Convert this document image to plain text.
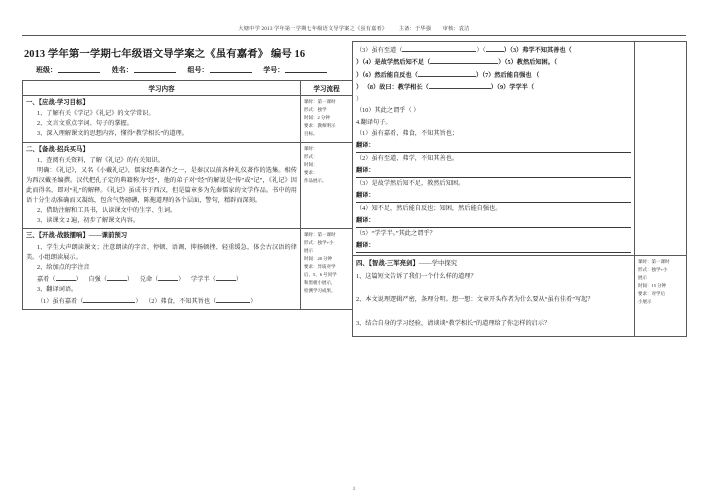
大塘中学 2013 学年第一学期七年级语文导学案之《虽有嘉肴》 主备：于华强 审核：袁洁
2013 学年第一学期七年级语文导学案之《虽有嘉肴》 编号 16
班级：	姓名：	组号：	学号：
学习内容	学习流程

一、【应战-学习目标】

1、了解有关《学记》《礼记》的文学常识。

2、文言文重点字词、句子的掌握。

3、深入理解课文的思想内容，懂得“教学相长”的道理。

课时：第一课时
形式：独学
时间：2 分钟
要求：教师明示
目标。

二、【备战-招兵买马】

1、查阅有关资料，了解《礼记》的有关知识。

明确：《礼记》，又名《小戴礼记》，儒家经典著作之一，是秦汉以前各种礼仪著作的选集。相传为西汉戴圣编撰。汉代把孔子定的典籍称为“经”，他的弟子对“经”的解说是“传”或“记”，《礼记》因此而得名，即对“礼”的解释。《礼记》虽成书于西汉，但是篇章多为先秦儒家的文学作品。书中的用语十分生动准确而又凝练，包含气势磅礴，陈拖道理的各个层面，警句，精辟而深刻。

2、借助注解和工具书，认读课文中的生字、生词。

3、读课文 2 遍，初步了解课文内容。

课时：
形式：
时间：
要求：
作品展示。

三、【开战-战鼓擂响】——课前预习

1、学生大声朗读课文；注意朗读的字音、停顿、语调、抑扬顿挫、轻重缓急，体会古汉语的律美。小组朗读展示。

2、给加点的字注音

嘉肴（	） 自强（	） 兑命（	） 学学半（	）

3、翻译词语。

（1）虽有嘉肴（	） （2）弗食，不知其旨也（	）

课时：第一课时
形式：独学+小
展示
时间：20 分钟
要求：异质对学
后、5、6 号同学
和黑板小展示，
检测学习成果。

（3）虽有至道（	）（	）（3）弗学不知其善也（

）（4）是故学然后知不足（	）（5）教然后知困。（

）（6）然后能自反也（	）（7）然后能自强也 （

） （8）故曰：教学相长（	）（9）学学半（

）

（10）其此之谓乎（ ）

4.翻译句子。

（1）虽有嘉肴，弗食，不知其旨也；

翻译：

（2）虽有至道，弗学，不知其善也。

翻译：

（3）是故学然后知不足，教然后知困。

翻译：

（4）知不足，然后能自反也；知困，然后能自强也。

翻译：

（5）“学学半。”其此之谓乎？

翻译：

四、【智战-三军亮剑】——学中探究

1、这篇短文告诉了我们一个什么样的道理？

2、本文说理逻辑严密，条理分明。想一想：文章开头作者为什么要从“虽有佳肴”写起？

3、结合自身的学习经验，请谈谈“教学相长”的道理给了你怎样的启示？

课时：第一课时
形式：独学+小
展示
时间：15 分钟
要求：对学后
小展示
1
